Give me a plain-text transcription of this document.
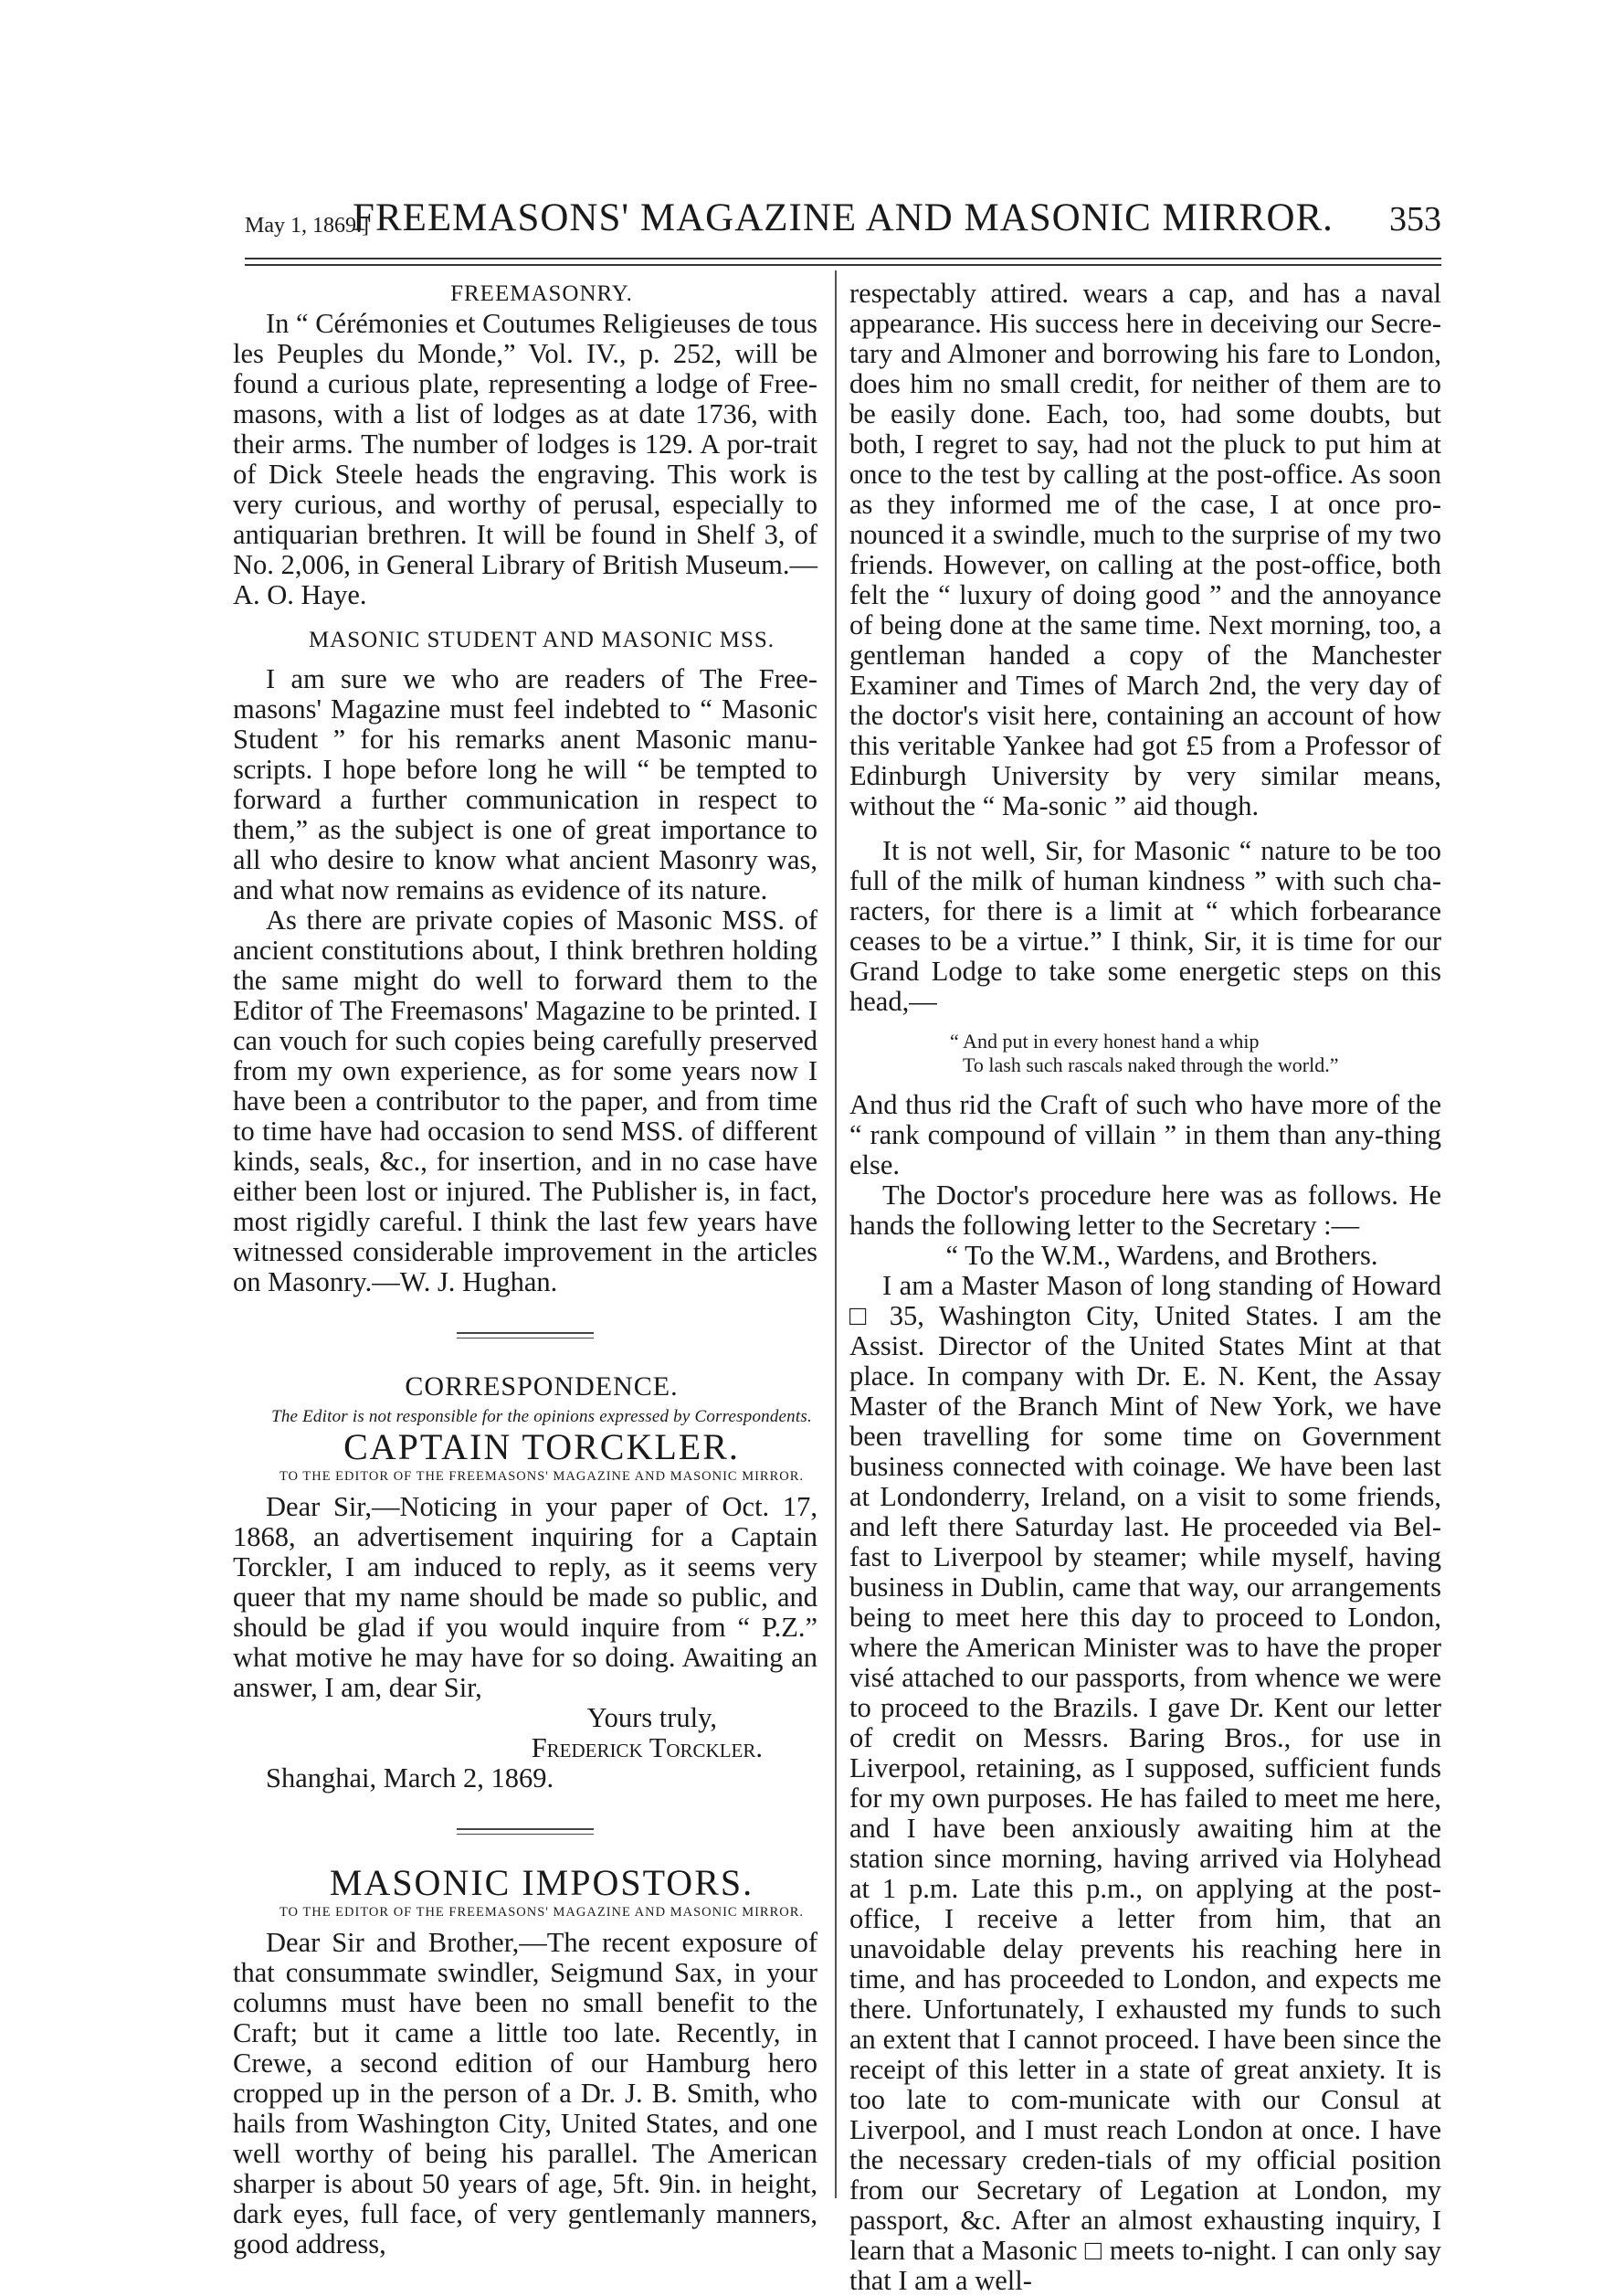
May 1, 1869.]
FREEMASONS' MAGAZINE AND MASONIC MIRROR.	353

FREEMASONRY.

In “ Cérémonies et Coutumes Religieuses de tous les Peuples du Monde,” Vol. IV., p. 252, will be found a curious plate, representing a lodge of Free-masons, with a list of lodges as at date 1736, with their arms. The number of lodges is 129. A por-trait of Dick Steele heads the engraving. This work is very curious, and worthy of perusal, especially to antiquarian brethren. It will be found in Shelf 3, of No. 2,006, in General Library of British Museum.— A. O. Haye.

MASONIC STUDENT AND MASONIC MSS.

I am sure we who are readers of The Free-masons' Magazine must feel indebted to “ Masonic Student ” for his remarks anent Masonic manu-scripts. I hope before long he will “ be tempted to forward a further communication in respect to them,” as the subject is one of great importance to all who desire to know what ancient Masonry was, and what now remains as evidence of its nature.

As there are private copies of Masonic MSS. of ancient constitutions about, I think brethren holding the same might do well to forward them to the Editor of The Freemasons' Magazine to be printed. I can vouch for such copies being carefully preserved from my own experience, as for some years now I have been a contributor to the paper, and from time to time have had occasion to send MSS. of different kinds, seals, &c., for insertion, and in no case have either been lost or injured. The Publisher is, in fact, most rigidly careful. I think the last few years have witnessed considerable improvement in the articles on Masonry.—W. J. Hughan.

CORRESPONDENCE.

The Editor is not responsible for the opinions expressed by Correspondents.

CAPTAIN TORCKLER.

TO THE EDITOR OF THE FREEMASONS' MAGAZINE AND MASONIC MIRROR.

Dear Sir,—Noticing in your paper of Oct. 17, 1868, an advertisement inquiring for a Captain Torckler, I am induced to reply, as it seems very queer that my name should be made so public, and should be glad if you would inquire from “ P.Z.” what motive he may have for so doing. Awaiting an answer, I am, dear Sir,

Yours truly,

Frederick Torckler.

Shanghai, March 2, 1869.

MASONIC IMPOSTORS.

TO THE EDITOR OF THE FREEMASONS' MAGAZINE AND MASONIC MIRROR.

Dear Sir and Brother,—The recent exposure of that consummate swindler, Seigmund Sax, in your columns must have been no small benefit to the Craft; but it came a little too late. Recently, in Crewe, a second edition of our Hamburg hero cropped up in the person of a Dr. J. B. Smith, who hails from Washington City, United States, and one well worthy of being his parallel. The American sharper is about 50 years of age, 5ft. 9in. in height, dark eyes, full face, of very gentlemanly manners, good address,

respectably attired. wears a cap, and has a naval appearance. His success here in deceiving our Secre-tary and Almoner and borrowing his fare to London, does him no small credit, for neither of them are to be easily done. Each, too, had some doubts, but both, I regret to say, had not the pluck to put him at once to the test by calling at the post-office. As soon as they informed me of the case, I at once pro-nounced it a swindle, much to the surprise of my two friends. However, on calling at the post-office, both felt the “ luxury of doing good ” and the annoyance of being done at the same time. Next morning, too, a gentleman handed a copy of the Manchester Examiner and Times of March 2nd, the very day of the doctor's visit here, containing an account of how this veritable Yankee had got £5 from a Professor of Edinburgh University by very similar means, without the “ Ma-sonic ” aid though.

It is not well, Sir, for Masonic “ nature to be too full of the milk of human kindness ” with such cha-racters, for there is a limit at “ which forbearance ceases to be a virtue.” I think, Sir, it is time for our Grand Lodge to take some energetic steps on this head,—

“ And put in every honest hand a whip
To lash such rascals naked through the world.”

And thus rid the Craft of such who have more of the “ rank compound of villain ” in them than any-thing else.

The Doctor's procedure here was as follows. He hands the following letter to the Secretary :—

“ To the W.M., Wardens, and Brothers.

I am a Master Mason of long standing of Howard □ 35, Washington City, United States. I am the Assist. Director of the United States Mint at that place. In company with Dr. E. N. Kent, the Assay Master of the Branch Mint of New York, we have been travelling for some time on Government business connected with coinage. We have been last at Londonderry, Ireland, on a visit to some friends, and left there Saturday last. He proceeded via Bel-fast to Liverpool by steamer; while myself, having business in Dublin, came that way, our arrangements being to meet here this day to proceed to London, where the American Minister was to have the proper visé attached to our passports, from whence we were to proceed to the Brazils. I gave Dr. Kent our letter of credit on Messrs. Baring Bros., for use in Liverpool, retaining, as I supposed, sufficient funds for my own purposes. He has failed to meet me here, and I have been anxiously awaiting him at the station since morning, having arrived via Holyhead at 1 p.m. Late this p.m., on applying at the post-office, I receive a letter from him, that an unavoidable delay prevents his reaching here in time, and has proceeded to London, and expects me there. Unfortunately, I exhausted my funds to such an extent that I cannot proceed. I have been since the receipt of this letter in a state of great anxiety. It is too late to com-municate with our Consul at Liverpool, and I must reach London at once. I have the necessary creden-tials of my official position from our Secretary of Legation at London, my passport, &c. After an almost exhausting inquiry, I learn that a Masonic □ meets to-night. I can only say that I am a well-
